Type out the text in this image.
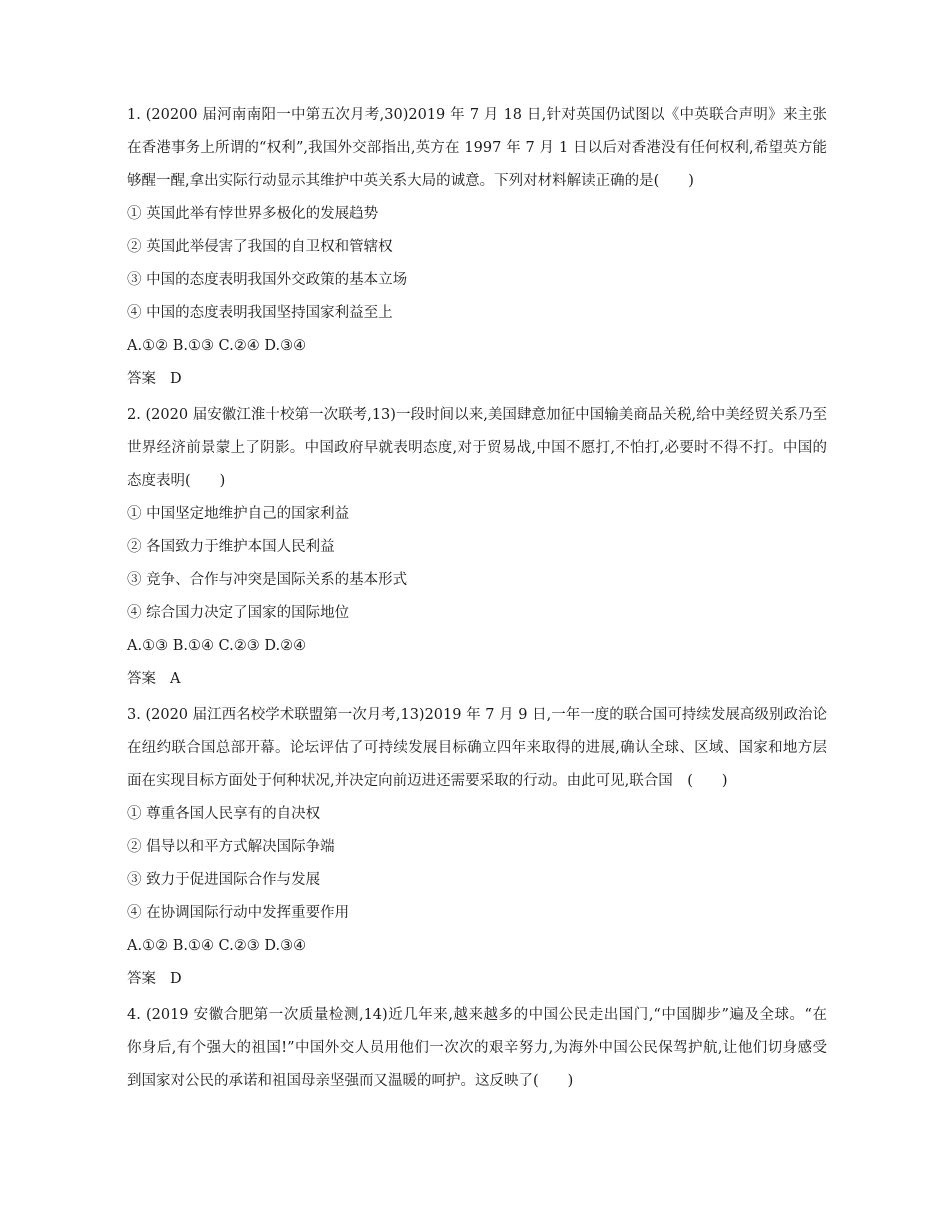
1. (20200 届河南南阳一中第五次月考,30)2019 年 7 月 18 日,针对英国仍试图以《中英联合声明》来主张
在香港事务上所谓的“权利”,我国外交部指出,英方在 1997 年 7 月 1 日以后对香港没有任何权利,希望英方能
够醒一醒,拿出实际行动显示其维护中英关系大局的诚意。下列对材料解读正确的是(　　)
① 英国此举有悖世界多极化的发展趋势
② 英国此举侵害了我国的自卫权和管辖权
③ 中国的态度表明我国外交政策的基本立场
④ 中国的态度表明我国坚持国家利益至上
A.①② B.①③ C.②④ D.③④
答案 D
2. (2020 届安徽江淮十校第一次联考,13)一段时间以来,美国肆意加征中国输美商品关税,给中美经贸关系乃至
世界经济前景蒙上了阴影。中国政府早就表明态度,对于贸易战,中国不愿打,不怕打,必要时不得不打。中国的
态度表明(　　)
① 中国坚定地维护自己的国家利益
② 各国致力于维护本国人民利益
③ 竞争、合作与冲突是国际关系的基本形式
④ 综合国力决定了国家的国际地位
A.①③ B.①④ C.②③ D.②④
答案 A
3. (2020 届江西名校学术联盟第一次月考,13)2019 年 7 月 9 日,一年一度的联合国可持续发展高级别政治论
在纽约联合国总部开幕。论坛评估了可持续发展目标确立四年来取得的进展,确认全球、区域、国家和地方层
面在实现目标方面处于何种状况,并决定向前迈进还需要采取的行动。由此可见,联合国　(　　)
① 尊重各国人民享有的自决权
② 倡导以和平方式解决国际争端
③ 致力于促进国际合作与发展
④ 在协调国际行动中发挥重要作用
A.①② B.①④ C.②③ D.③④
答案 D
4. (2019 安徽合肥第一次质量检测,14)近几年来,越来越多的中国公民走出国门,“中国脚步”遍及全球。“在
你身后,有个强大的祖国!”中国外交人员用他们一次次的艰辛努力,为海外中国公民保驾护航,让他们切身感受
到国家对公民的承诺和祖国母亲坚强而又温暖的呵护。这反映了(　　)
